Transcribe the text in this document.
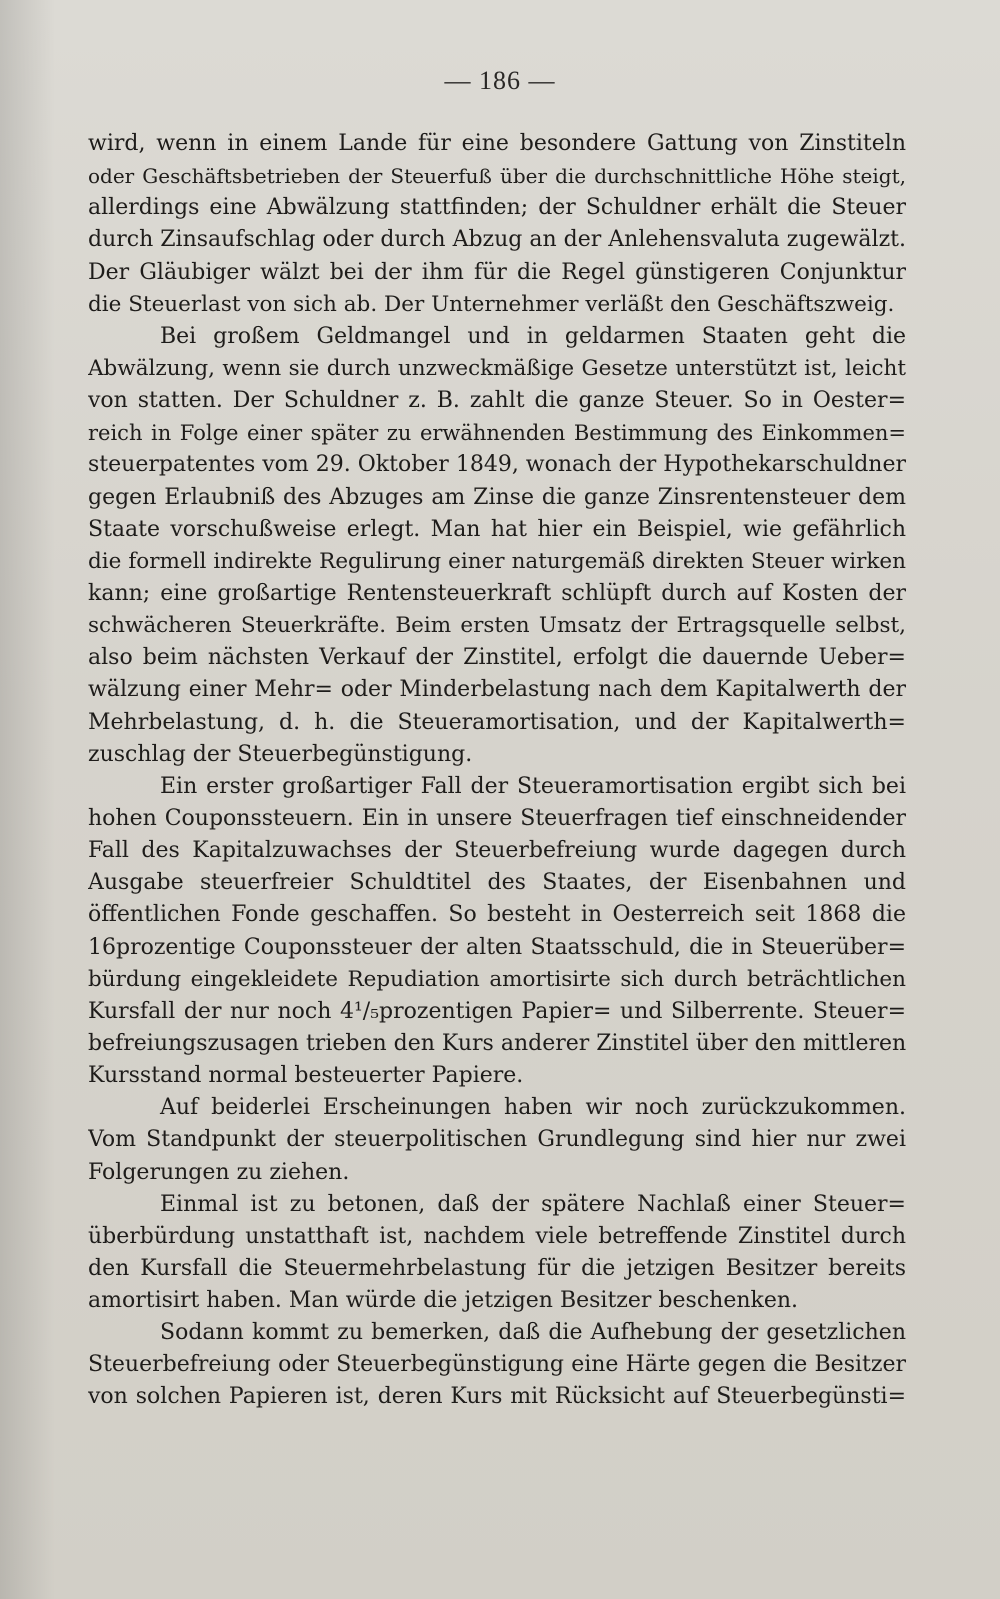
— 186 —
wird, wenn in einem Lande für eine besondere Gattung von Zinstiteln
oder Geschäftsbetrieben der Steuerfuß über die durchschnittliche Höhe steigt,
allerdings eine Abwälzung stattfinden; der Schuldner erhält die Steuer
durch Zinsaufschlag oder durch Abzug an der Anlehensvaluta zugewälzt.
Der Gläubiger wälzt bei der ihm für die Regel günstigeren Conjunktur
die Steuerlast von sich ab. Der Unternehmer verläßt den Geschäftszweig.
Bei großem Geldmangel und in geldarmen Staaten geht die
Abwälzung, wenn sie durch unzweckmäßige Gesetze unterstützt ist, leicht
von statten. Der Schuldner z. B. zahlt die ganze Steuer. So in Oester=
reich in Folge einer später zu erwähnenden Bestimmung des Einkommen=
steuerpatentes vom 29. Oktober 1849, wonach der Hypothekarschuldner
gegen Erlaubniß des Abzuges am Zinse die ganze Zinsrentensteuer dem
Staate vorschußweise erlegt. Man hat hier ein Beispiel, wie gefährlich
die formell indirekte Regulirung einer naturgemäß direkten Steuer wirken
kann; eine großartige Rentensteuerkraft schlüpft durch auf Kosten der
schwächeren Steuerkräfte. Beim ersten Umsatz der Ertragsquelle selbst,
also beim nächsten Verkauf der Zinstitel, erfolgt die dauernde Ueber=
wälzung einer Mehr= oder Minderbelastung nach dem Kapitalwerth der
Mehrbelastung, d. h. die Steueramortisation, und der Kapitalwerth=
zuschlag der Steuerbegünstigung.
Ein erster großartiger Fall der Steueramortisation ergibt sich bei
hohen Couponssteuern. Ein in unsere Steuerfragen tief einschneidender
Fall des Kapitalzuwachses der Steuerbefreiung wurde dagegen durch
Ausgabe steuerfreier Schuldtitel des Staates, der Eisenbahnen und
öffentlichen Fonde geschaffen. So besteht in Oesterreich seit 1868 die
16prozentige Couponssteuer der alten Staatsschuld, die in Steuerüber=
bürdung eingekleidete Repudiation amortisirte sich durch beträchtlichen
Kursfall der nur noch 4¹/₅prozentigen Papier= und Silberrente. Steuer=
befreiungszusagen trieben den Kurs anderer Zinstitel über den mittleren
Kursstand normal besteuerter Papiere.
Auf beiderlei Erscheinungen haben wir noch zurückzukommen.
Vom Standpunkt der steuerpolitischen Grundlegung sind hier nur zwei
Folgerungen zu ziehen.
Einmal ist zu betonen, daß der spätere Nachlaß einer Steuer=
überbürdung unstatthaft ist, nachdem viele betreffende Zinstitel durch
den Kursfall die Steuermehrbelastung für die jetzigen Besitzer bereits
amortisirt haben. Man würde die jetzigen Besitzer beschenken.
Sodann kommt zu bemerken, daß die Aufhebung der gesetzlichen
Steuerbefreiung oder Steuerbegünstigung eine Härte gegen die Besitzer
von solchen Papieren ist, deren Kurs mit Rücksicht auf Steuerbegünsti=
